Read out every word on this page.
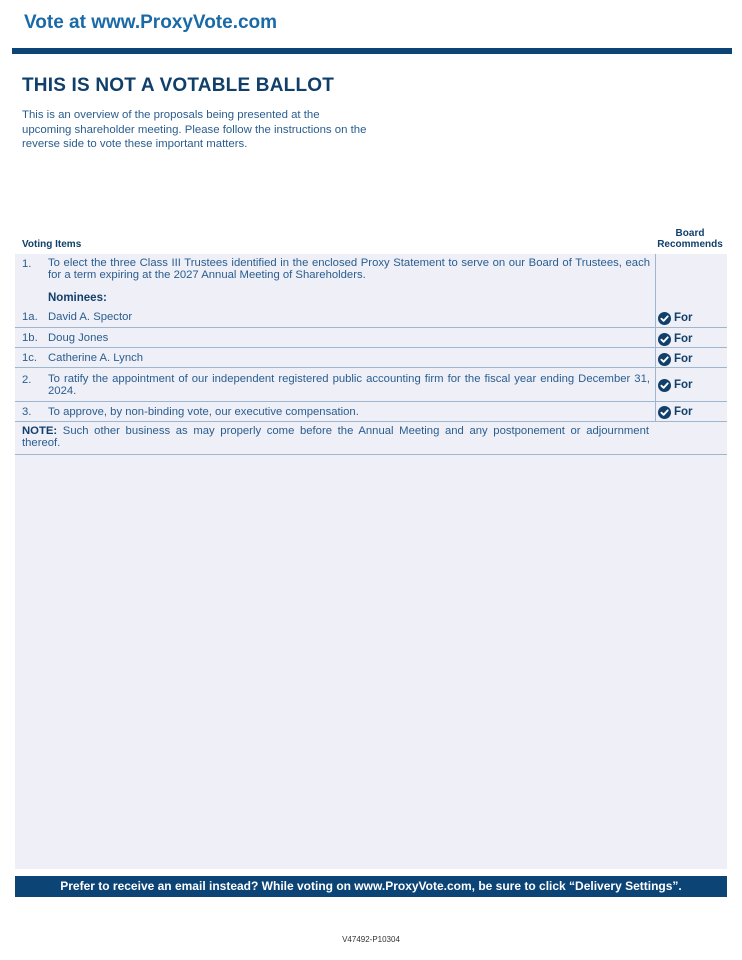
Vote at www.ProxyVote.com
THIS IS NOT A VOTABLE BALLOT
This is an overview of the proposals being presented at the upcoming shareholder meeting. Please follow the instructions on the reverse side to vote these important matters.
Voting Items
Board
Recommends
1. To elect the three Class III Trustees identified in the enclosed Proxy Statement to serve on our Board of Trustees, each for a term expiring at the 2027 Annual Meeting of Shareholders.
Nominees:
1a. David A. Spector	For
1b. Doug Jones	For
1c. Catherine A. Lynch	For
2. To ratify the appointment of our independent registered public accounting firm for the fiscal year ending December 31, 2024.	For
3. To approve, by non-binding vote, our executive compensation.	For
NOTE: Such other business as may properly come before the Annual Meeting and any postponement or adjournment thereof.
Prefer to receive an email instead? While voting on www.ProxyVote.com, be sure to click “Delivery Settings”.
V47492-P10304
